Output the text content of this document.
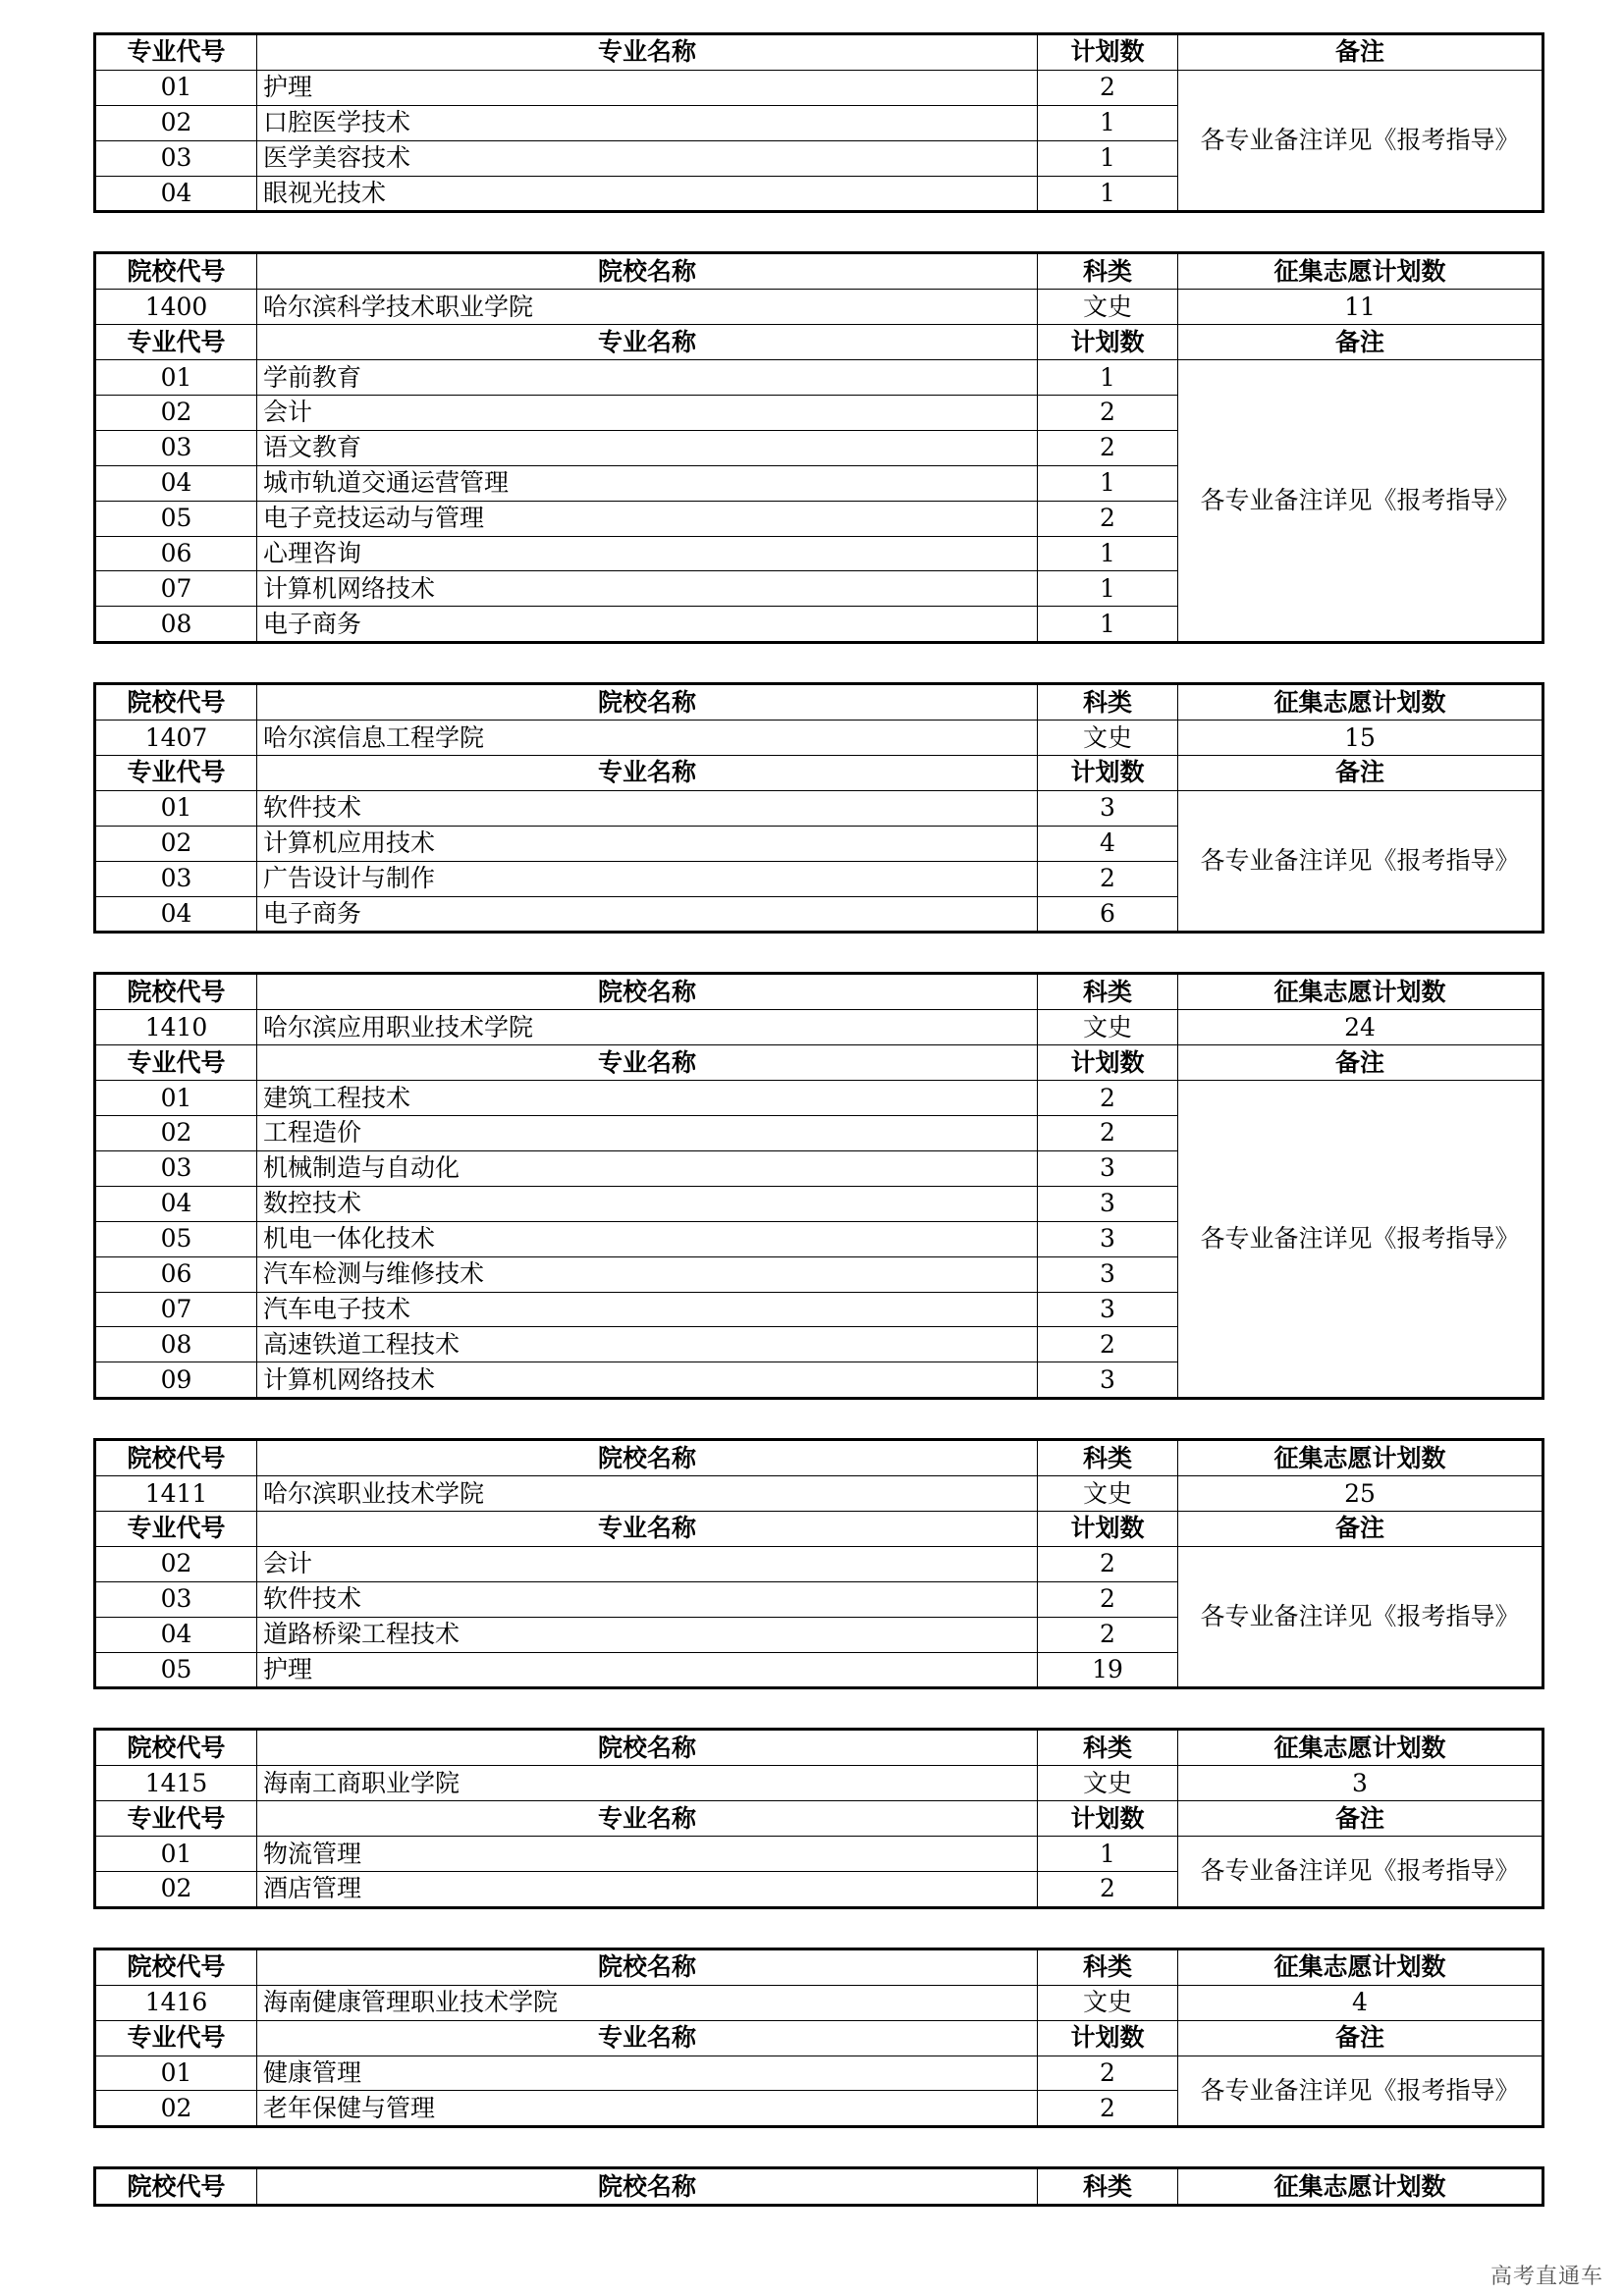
专业代号	专业名称	计划数	备注
01	护理	2	各专业备注详见《报考指导》
02	口腔医学技术	1	
03	医学美容技术	1	
04	眼视光技术	1	
院校代号	院校名称	科类	征集志愿计划数
1400	哈尔滨科学技术职业学院	文史	11
专业代号	专业名称	计划数	备注
01	学前教育	1	各专业备注详见《报考指导》
02	会计	2	
03	语文教育	2	
04	城市轨道交通运营管理	1	
05	电子竞技运动与管理	2	
06	心理咨询	1	
07	计算机网络技术	1	
08	电子商务	1	
院校代号	院校名称	科类	征集志愿计划数
1407	哈尔滨信息工程学院	文史	15
专业代号	专业名称	计划数	备注
01	软件技术	3	各专业备注详见《报考指导》
02	计算机应用技术	4	
03	广告设计与制作	2	
04	电子商务	6	
院校代号	院校名称	科类	征集志愿计划数
1410	哈尔滨应用职业技术学院	文史	24
专业代号	专业名称	计划数	备注
01	建筑工程技术	2	各专业备注详见《报考指导》
02	工程造价	2	
03	机械制造与自动化	3	
04	数控技术	3	
05	机电一体化技术	3	
06	汽车检测与维修技术	3	
07	汽车电子技术	3	
08	高速铁道工程技术	2	
09	计算机网络技术	3	
院校代号	院校名称	科类	征集志愿计划数
1411	哈尔滨职业技术学院	文史	25
专业代号	专业名称	计划数	备注
02	会计	2	各专业备注详见《报考指导》
03	软件技术	2	
04	道路桥梁工程技术	2	
05	护理	19	
院校代号	院校名称	科类	征集志愿计划数
1415	海南工商职业学院	文史	3
专业代号	专业名称	计划数	备注
01	物流管理	1	各专业备注详见《报考指导》
02	酒店管理	2	
院校代号	院校名称	科类	征集志愿计划数
1416	海南健康管理职业技术学院	文史	4
专业代号	专业名称	计划数	备注
01	健康管理	2	各专业备注详见《报考指导》
02	老年保健与管理	2	
院校代号	院校名称	科类	征集志愿计划数
高考直通车
